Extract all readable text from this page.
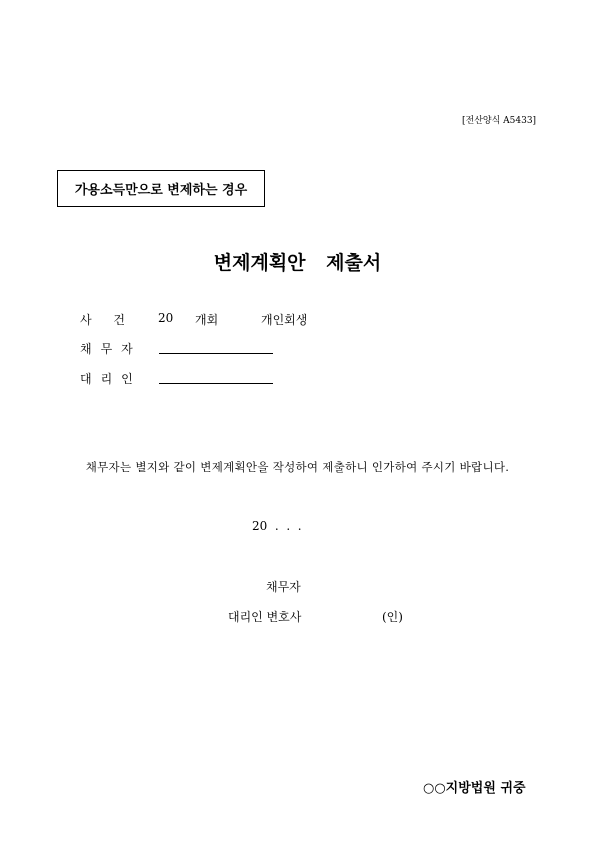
[전산양식 A5433]
가용소득만으로 변제하는 경우
변제계획안 제출서
사 건 20 개회	개인회생
채무자
대리인
채무자는 별지와 같이 변제계획안을 작성하여 제출하니 인가하여 주시기 바랍니다.
20  .  .  .
채무자
대리인 변호사	(인)
○○지방법원 귀중
